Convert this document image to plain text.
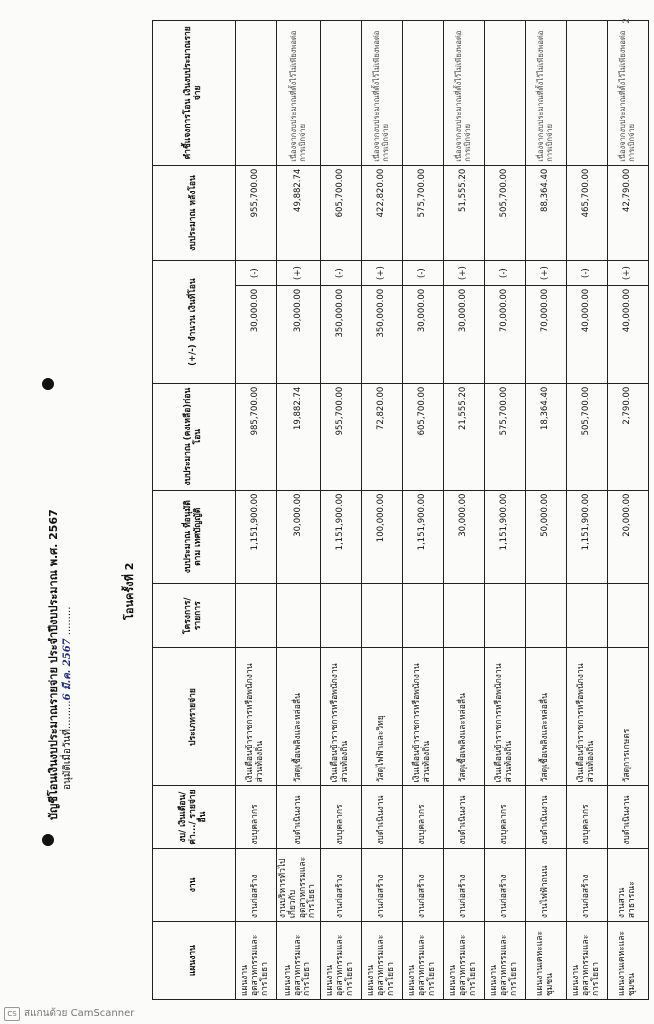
บัญชีโอนเงินงบประมาณรายจ่าย ประจำปีงบประมาณ พ.ศ. 2567 อนุมัติเมื่อวันที่.........6 มี.ค. 2567 .........
โอนครั้งที่ 2
แผนงาน	งาน	งบ/ เงินเดือน/ ค่า.../ รายจ่ายอื่น	ประเภทรายจ่าย	โครงการ/ รายการ	งบประมาณ ที่อนุมัติตาม เทศบัญญัติ	งบประมาณ (คงเหลือ)ก่อนโอน	(+/-) จำนวน เงินที่โอน		งบประมาณ หลังโอน	คำชี้แจงการโอน เงินงบประมาณรายจ่าย
แผนงานอุตสาหกรรมและการโยธา	งานก่อสร้าง	งบบุคลากร	เงินเดือนข้าราชการหรือพนักงานส่วนท้องถิ่น		1,151,900.00	985,700.00	30,000.00	(-)	955,700.00	
แผนงานอุตสาหกรรมและการโยธา	งานบริหารทั่วไปเกี่ยวกับอุตสาหกรรมและการโยธา	งบดำเนินงาน	วัสดุเชื้อเพลิงและหล่อลื่น		30,000.00	19,882.74	30,000.00	(+)	49,882.74	เนื่องจากงบประมาณที่ตั้งไว้ไม่เพียงพอต่อการเบิกจ่าย
แผนงานอุตสาหกรรมและการโยธา	งานก่อสร้าง	งบบุคลากร	เงินเดือนข้าราชการหรือพนักงานส่วนท้องถิ่น		1,151,900.00	955,700.00	350,000.00	(-)	605,700.00	
แผนงานอุตสาหกรรมและการโยธา	งานก่อสร้าง	งบดำเนินงาน	วัสดุไฟฟ้าและวิทยุ		100,000.00	72,820.00	350,000.00	(+)	422,820.00	เนื่องจากงบประมาณที่ตั้งไว้ไม่เพียงพอต่อการเบิกจ่าย
แผนงานอุตสาหกรรมและการโยธา	งานก่อสร้าง	งบบุคลากร	เงินเดือนข้าราชการหรือพนักงานส่วนท้องถิ่น		1,151,900.00	605,700.00	30,000.00	(-)	575,700.00	
แผนงานอุตสาหกรรมและการโยธา	งานก่อสร้าง	งบดำเนินงาน	วัสดุเชื้อเพลิงและหล่อลื่น		30,000.00	21,555.20	30,000.00	(+)	51,555.20	เนื่องจากงบประมาณที่ตั้งไว้ไม่เพียงพอต่อการเบิกจ่าย
แผนงานอุตสาหกรรมและการโยธา	งานก่อสร้าง	งบบุคลากร	เงินเดือนข้าราชการหรือพนักงานส่วนท้องถิ่น		1,151,900.00	575,700.00	70,000.00	(-)	505,700.00	
แผนงานเคหะและชุมชน	งานไฟฟ้าถนน	งบดำเนินงาน	วัสดุเชื้อเพลิงและหล่อลื่น		50,000.00	18,364.40	70,000.00	(+)	88,364.40	เนื่องจากงบประมาณที่ตั้งไว้ไม่เพียงพอต่อการเบิกจ่าย
แผนงานอุตสาหกรรมและการโยธา	งานก่อสร้าง	งบบุคลากร	เงินเดือนข้าราชการหรือพนักงานส่วนท้องถิ่น		1,151,900.00	505,700.00	40,000.00	(-)	465,700.00	
แผนงานเคหะและชุมชน	งานสวนสาธารณะ	งบดำเนินงาน	วัสดุการเกษตร		20,000.00	2,790.00	40,000.00	(+)	42,790.00	เนื่องจากงบประมาณที่ตั้งไว้ไม่เพียงพอต่อการเบิกจ่าย
2
CS สแกนด้วย CamScanner
